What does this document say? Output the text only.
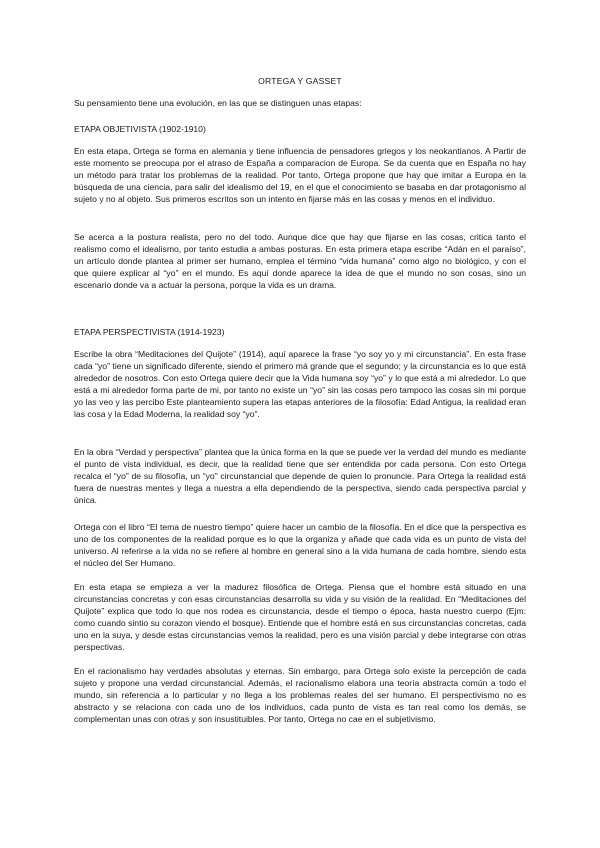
ORTEGA Y GASSET
Su pensamiento tiene una evolución, en las que se distinguen unas etapas:
ETAPA OBJETIVISTA (1902-1910)
En esta etapa, Ortega se forma en alemania y tiene influencia de pensadores griegos y los neokantianos. A Partir de este momento se preocupa por el atraso de España a comparacion de Europa. Se da cuenta que en España no hay un método para tratar los problemas de la realidad. Por tanto, Ortega propone que hay que imitar a Europa en la búsqueda de una ciencia, para salir del idealismo del 19, en el que el conocimiento se basaba en dar protagonismo al sujeto y no al objeto. Sus primeros escritos son un intento en fijarse más en las cosas y menos en el individuo.
Se acerca a la postura realista, pero no del todo. Aunque dice que hay que fijarse en las cosas, critica tanto el realismo como el idealismo, por tanto estudia a ambas posturas. En esta primera etapa escribe “Adán en el paraíso”, un artículo donde plantea al primer ser humano, emplea el término “vida humana” como algo no biológico, y con el que quiere explicar al “yo” en el mundo. Es aquí donde aparece la idea de que el mundo no son cosas, sino un escenario donde va a actuar la persona, porque la vida es un drama.
ETAPA PERSPECTIVISTA (1914-1923)
Escribe la obra “Meditaciones del Quijote” (1914), aquí aparece la frase “yo soy yo y mi circunstancia”. En esta frase cada “yo” tiene un significado diferente, siendo el primero má grande que el segundo; y la circunstancia es lo que está alrededor de nosotros. Con esto Ortega quiere decir que la Vida humana soy “yo” y lo que está a mi alrededor. Lo que está a mi alrededor forma parte de mi, por tanto no existe un “yo” sin las cosas pero tampoco las cosas sin mi porque yo las veo y las percibo Este planteamiento supera las etapas anteriores de la filosofía: Edad Antigua, la realidad eran las cosa y la Edad Moderna, la realidad soy “yo”.
En la obra “Verdad y perspectiva” plantea que la única forma en la que se puede ver la verdad del mundo es mediante el punto de vista individual, es decir, que la realidad tiene que ser entendida por cada persona. Con esto Ortega recalca el “yo” de su filosofía, un “yo” circunstancial que depende de quien lo pronuncie. Para Ortega la realidad está fuera de nuestras mentes y llega a nuestra a ella dependiendo de la perspectiva, siendo cada perspectiva parcial y única.
Ortega con el libro “El tema de nuestro tiempo” quiere hacer un cambio de la filosofía. En el dice que la perspectiva es uno de los componentes de la realidad porque es lo que la organiza y añade que cada vida es un punto de vista del universo. Al referirse a la vida no se refiere al hombre en general sino a la vida humana de cada hombre, siendo esta el núcleo del Ser Humano.
En esta etapa se empieza a ver la madurez filosófica de Ortega. Piensa que el hombre está situado en una circunstancias concretas y con esas circunstancias desarrolla su vida y su visión de la realidad. En “Meditaciones del Quijote” explica que todo lo que nos rodea es circunstancia, desde el tiempo o época, hasta nuestro cuerpo (Ejm: como cuando sintio su corazon viendo el bosque). Entiende que el hombre está en sus circunstancias concretas, cada uno en la suya, y desde estas circunstancias vemos la realidad, pero es una visión parcial y debe integrarse con otras perspectivas.
En el racionalismo hay verdades absolutas y eternas. Sin embargo, para Ortega solo existe la percepción de cada sujeto y propone una verdad circunstancial. Además, el racionalismo elabora una teoría abstracta común a todo el mundo, sin referencia a lo particular y no llega a los problemas reales del ser humano. El perspectivismo no es abstracto y se relaciona con cada uno de los individuos, cada punto de vista es tan real como los demás, se complementan unas con otras y son insustituibles. Por tanto, Ortega no cae en el subjetivismo.
